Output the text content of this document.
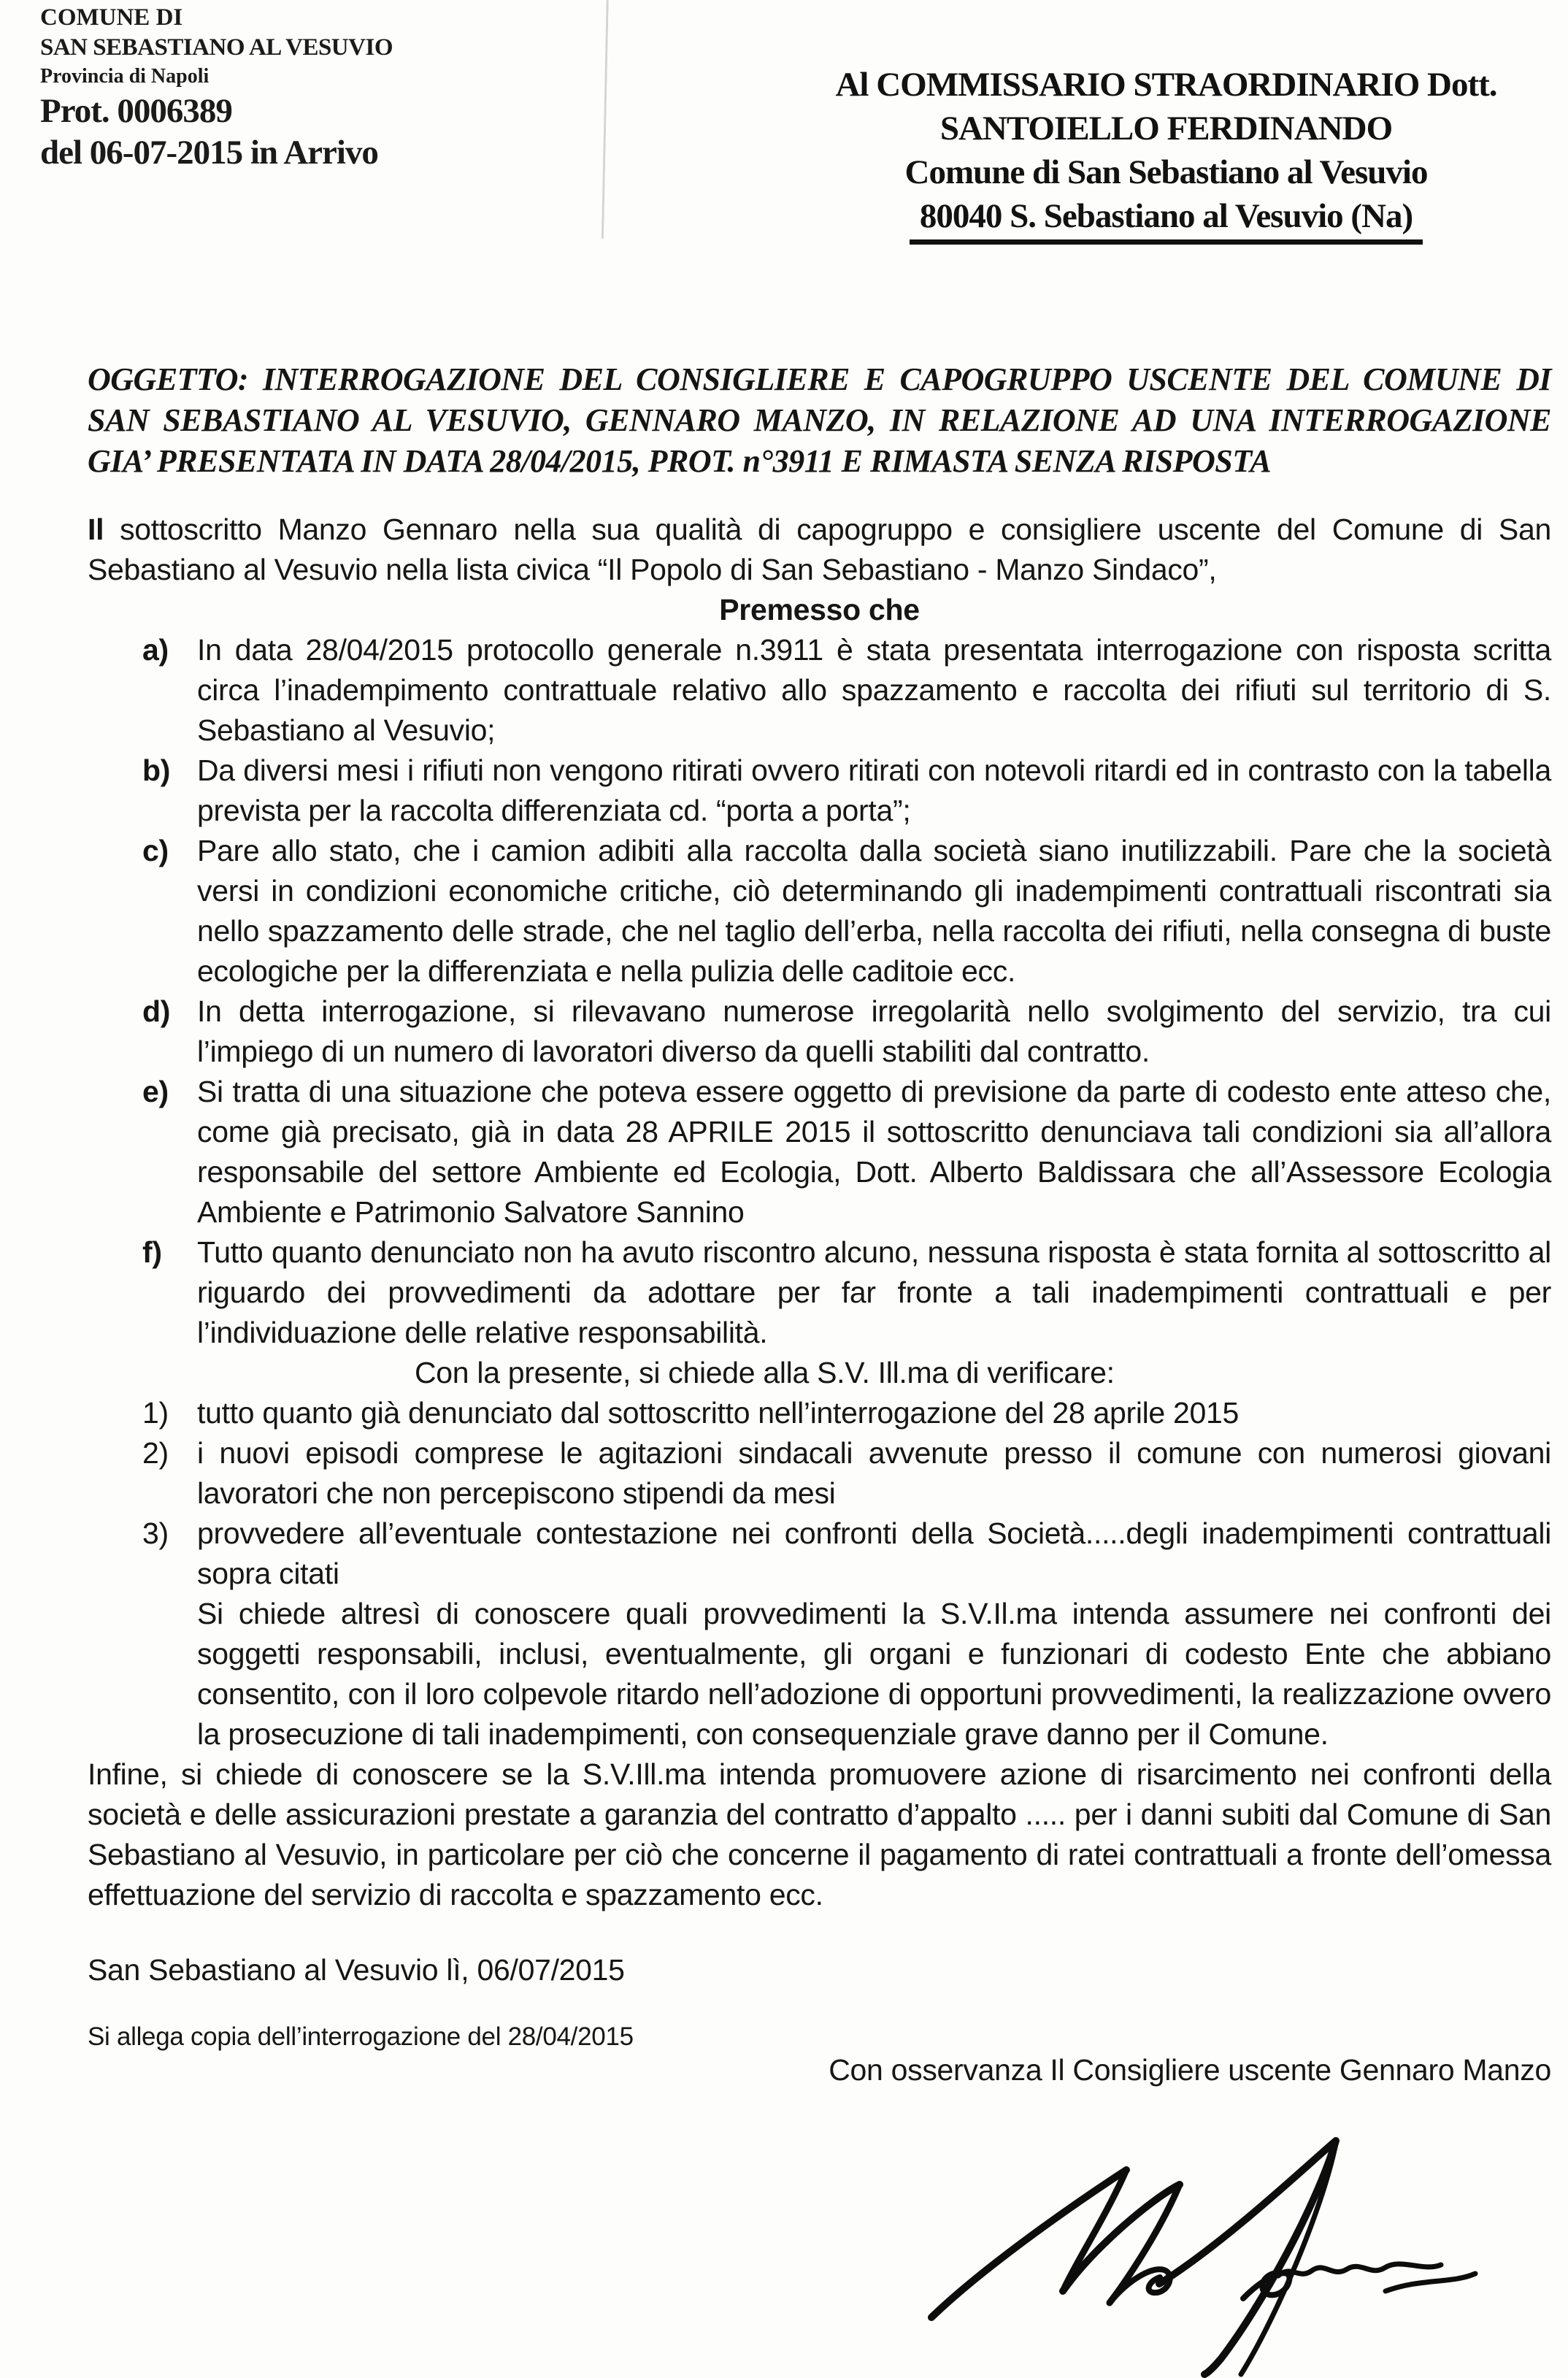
COMUNE DI
SAN SEBASTIANO AL VESUVIO
Provincia di Napoli
Prot. 0006389
del 06-07-2015 in Arrivo
Al COMMISSARIO STRAORDINARIO Dott.
SANTOIELLO FERDINANDO
Comune di San Sebastiano al Vesuvio
80040 S. Sebastiano al Vesuvio (Na)
OGGETTO: INTERROGAZIONE DEL CONSIGLIERE E CAPOGRUPPO USCENTE DEL COMUNE DI SAN SEBASTIANO AL VESUVIO, GENNARO MANZO, IN RELAZIONE AD UNA INTERROGAZIONE GIA’ PRESENTATA IN DATA 28/04/2015, PROT. n°3911 E RIMASTA SENZA RISPOSTA
Il sottoscritto Manzo Gennaro nella sua qualità di capogruppo e consigliere uscente del Comune di San Sebastiano al Vesuvio nella lista civica “Il Popolo di San Sebastiano - Manzo Sindaco”,
Premesso che
a) In data 28/04/2015 protocollo generale n.3911 è stata presentata interrogazione con risposta scritta circa l’inadempimento contrattuale relativo allo spazzamento e raccolta dei rifiuti sul territorio di S. Sebastiano al Vesuvio;
b) Da diversi mesi i rifiuti non vengono ritirati ovvero ritirati con notevoli ritardi ed in contrasto con la tabella prevista per la raccolta differenziata cd. “porta a porta”;
c) Pare allo stato, che i camion adibiti alla raccolta dalla società siano inutilizzabili. Pare che la società versi in condizioni economiche critiche, ciò determinando gli inadempimenti contrattuali riscontrati sia nello spazzamento delle strade, che nel taglio dell’erba, nella raccolta dei rifiuti, nella consegna di buste ecologiche per la differenziata e nella pulizia delle caditoie ecc.
d) In detta interrogazione, si rilevavano numerose irregolarità nello svolgimento del servizio, tra cui l’impiego di un numero di lavoratori diverso da quelli stabiliti dal contratto.
e) Si tratta di una situazione che poteva essere oggetto di previsione da parte di codesto ente atteso che, come già precisato, già in data 28 APRILE 2015 il sottoscritto denunciava tali condizioni sia all’allora responsabile del settore Ambiente ed Ecologia, Dott. Alberto Baldissara che all’Assessore Ecologia Ambiente e Patrimonio Salvatore Sannino
f)	Tutto quanto denunciato non ha avuto riscontro alcuno, nessuna risposta è stata fornita al sottoscritto al riguardo dei provvedimenti da adottare per far fronte a tali inadempimenti contrattuali e per l’individuazione delle relative responsabilità.
Con la presente, si chiede alla S.V. Ill.ma di verificare:
1) tutto quanto già denunciato dal sottoscritto nell’interrogazione del 28 aprile 2015
2) i nuovi episodi comprese le agitazioni sindacali avvenute presso il comune con numerosi giovani lavoratori che non percepiscono stipendi da mesi
3) provvedere all’eventuale contestazione nei confronti della Società.....degli inadempimenti contrattuali sopra citati
Si chiede altresì di conoscere quali provvedimenti la S.V.Il.ma intenda assumere nei confronti dei soggetti responsabili, inclusi, eventualmente, gli organi e funzionari di codesto Ente che abbiano consentito, con il loro colpevole ritardo nell’adozione di opportuni provvedimenti, la realizzazione ovvero la prosecuzione di tali inadempimenti, con consequenziale grave danno per il Comune.
Infine, si chiede di conoscere se la S.V.Ill.ma intenda promuovere azione di risarcimento nei confronti della società e delle assicurazioni prestate a garanzia del contratto d’appalto ..... per i danni subiti dal Comune di San Sebastiano al Vesuvio, in particolare per ciò che concerne il pagamento di ratei contrattuali a fronte dell’omessa effettuazione del servizio di raccolta e spazzamento ecc.
San Sebastiano al Vesuvio lì, 06/07/2015
Si allega copia dell’interrogazione del 28/04/2015
Con osservanza Il Consigliere uscente Gennaro Manzo
